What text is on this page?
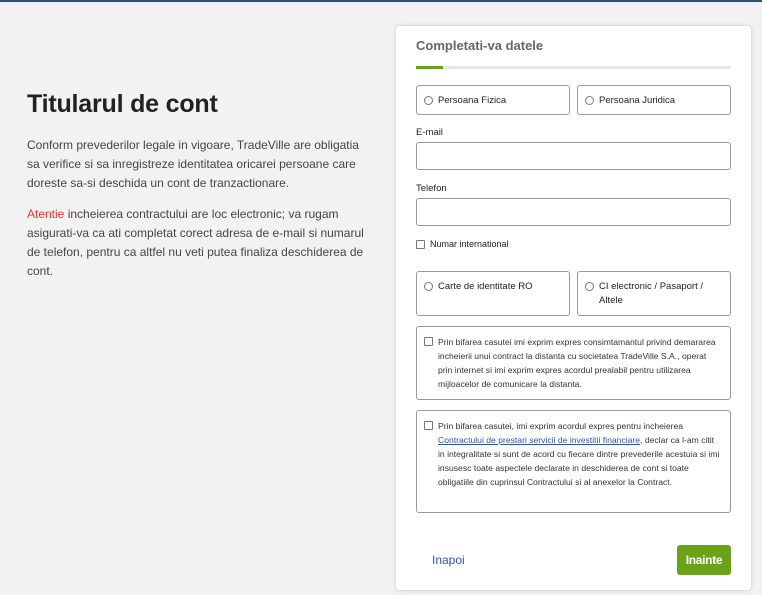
Titularul de cont

Conform prevederilor legale in vigoare, TradeVille are obligatia sa verifice si sa inregistreze identitatea oricarei persoane care doreste sa-si deschida un cont de tranzactionare.

Atentie incheierea contractului are loc electronic; va rugam asigurati-va ca ati completat corect adresa de e-mail si numarul de telefon, pentru ca altfel nu veti putea finaliza deschiderea de cont.

Completati-va datele
Persoana Fizica	Persoana Juridica
E-mail
Telefon
Numar international
Carte de identitate RO	CI electronic / Pasaport / Altele
Prin bifarea casutei imi exprim expres consimtamantul privind demararea incheierii unui contract la distanta cu societatea TradeVille S.A., operat prin internet si imi exprim expres acordul prealabil pentru utilizarea mijloacelor de comunicare la distanta.
Prin bifarea casutei, imi exprim acordul expres pentru incheierea Contractului de prestari servicii de investitii financiare, declar ca l-am citit in integralitate si sunt de acord cu fiecare dintre prevederile acestuia si imi insusesc toate aspectele declarate in deschiderea de cont si toate obligatiile din cuprinsul Contractului si al anexelor la Contract.
Inapoi	Inainte
